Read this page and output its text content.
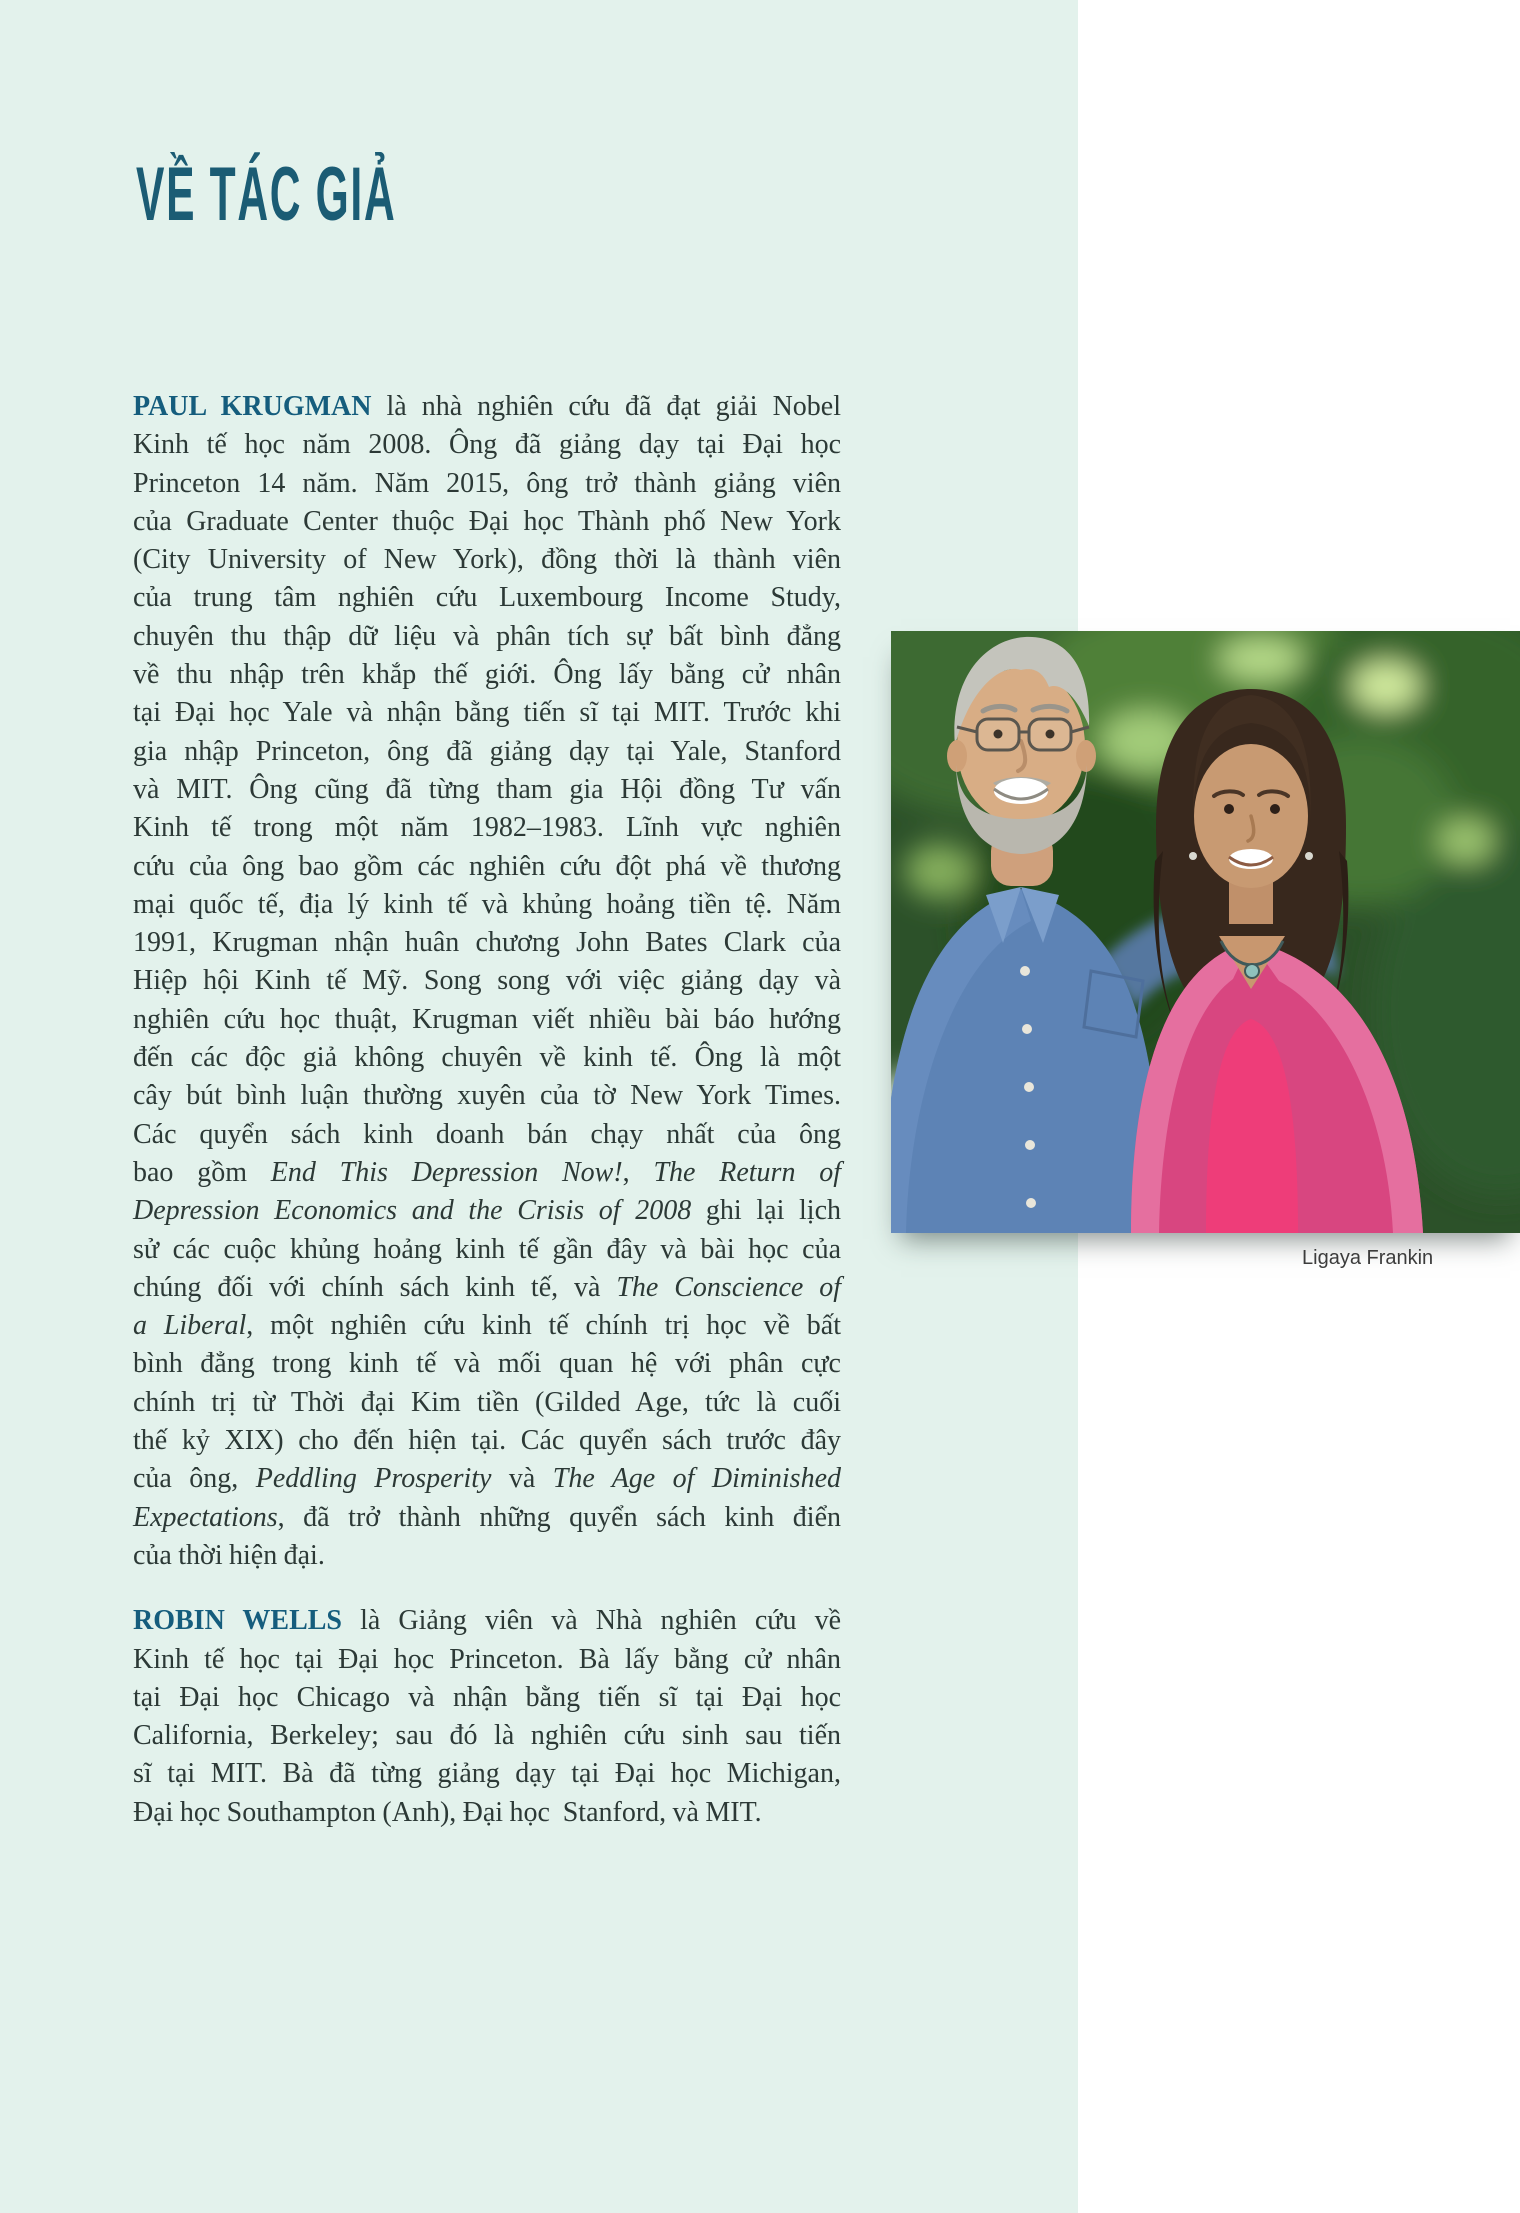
VỀ TÁC GIẢ
PAUL KRUGMAN là nhà nghiên cứu đã đạt giải Nobel
Kinh tế học năm 2008. Ông đã giảng dạy tại Đại học
Princeton 14 năm. Năm 2015, ông trở thành giảng viên
của Graduate Center thuộc Đại học Thành phố New York
(City University of New York), đồng thời là thành viên
của trung tâm nghiên cứu Luxembourg Income Study,
chuyên thu thập dữ liệu và phân tích sự bất bình đẳng
về thu nhập trên khắp thế giới. Ông lấy bằng cử nhân
tại Đại học Yale và nhận bằng tiến sĩ tại MIT. Trước khi
gia nhập Princeton, ông đã giảng dạy tại Yale, Stanford
và MIT. Ông cũng đã từng tham gia Hội đồng Tư vấn
Kinh tế trong một năm 1982–1983. Lĩnh vực nghiên
cứu của ông bao gồm các nghiên cứu đột phá về thương
mại quốc tế, địa lý kinh tế và khủng hoảng tiền tệ. Năm
1991, Krugman nhận huân chương John Bates Clark của
Hiệp hội Kinh tế Mỹ. Song song với việc giảng dạy và
nghiên cứu học thuật, Krugman viết nhiều bài báo hướng
đến các độc giả không chuyên về kinh tế. Ông là một
cây bút bình luận thường xuyên của tờ New York Times.
Các quyển sách kinh doanh bán chạy nhất của ông
bao gồm End This Depression Now!, The Return of
Depression Economics and the Crisis of 2008 ghi lại lịch
sử các cuộc khủng hoảng kinh tế gần đây và bài học của
chúng đối với chính sách kinh tế, và The Conscience of
a Liberal, một nghiên cứu kinh tế chính trị học về bất
bình đẳng trong kinh tế và mối quan hệ với phân cực
chính trị từ Thời đại Kim tiền (Gilded Age, tức là cuối
thế kỷ XIX) cho đến hiện tại. Các quyển sách trước đây
của ông, Peddling Prosperity và The Age of Diminished
Expectations, đã trở thành những quyển sách kinh điển
của thời hiện đại.
ROBIN WELLS là Giảng viên và Nhà nghiên cứu về
Kinh tế học tại Đại học Princeton. Bà lấy bằng cử nhân
tại Đại học Chicago và nhận bằng tiến sĩ tại Đại học
California, Berkeley; sau đó là nghiên cứu sinh sau tiến
sĩ tại MIT. Bà đã từng giảng dạy tại Đại học Michigan,
Đại học Southampton (Anh), Đại học  Stanford, và MIT.
Ligaya Frankin
